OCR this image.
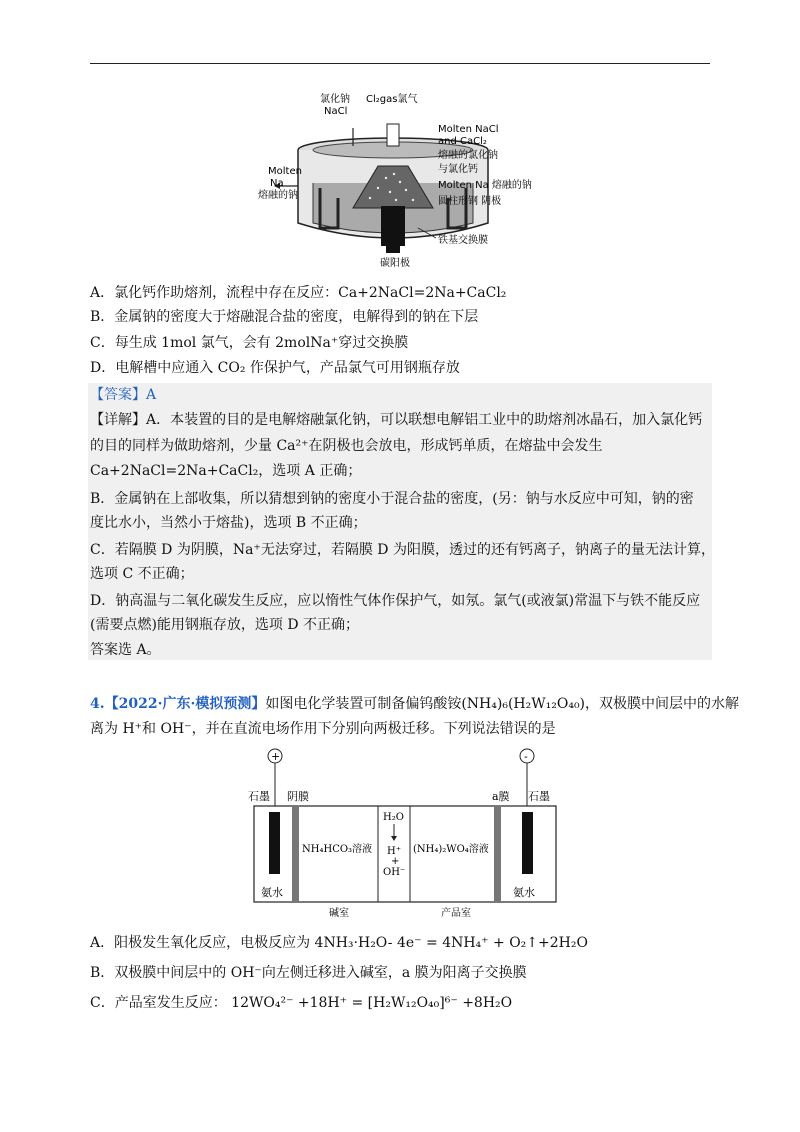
氯化钠
NaCl
Cl₂gas氯气
Molten
Na
熔融的钠
Molten NaCl
and CaCl₂
熔融的氯化钠
与氯化钙
Molten Na 熔融的钠
圆柱形钢 阴极
铁基交换膜
碳阳极
A．氯化钙作助熔剂，流程中存在反应：Ca+2NaCl=2Na+CaCl₂
B．金属钠的密度大于熔融混合盐的密度，电解得到的钠在下层
C．每生成 1mol 氯气，会有 2molNa⁺穿过交换膜
D．电解槽中应通入 CO₂ 作保护气，产品氯气可用钢瓶存放
【答案】A
【详解】A．本装置的目的是电解熔融氯化钠，可以联想电解铝工业中的助熔剂冰晶石，加入氯化钙
的目的同样为做助熔剂，少量 Ca²⁺在阴极也会放电，形成钙单质，在熔盐中会发生
Ca+2NaCl=2Na+CaCl₂，选项 A 正确；
B．金属钠在上部收集，所以猜想到钠的密度小于混合盐的密度，(另：钠与水反应中可知，钠的密
度比水小，当然小于熔盐)，选项 B 不正确；
C．若隔膜 D 为阴膜，Na⁺无法穿过，若隔膜 D 为阳膜，透过的还有钙离子，钠离子的量无法计算，
选项 C 不正确；
D．钠高温与二氧化碳发生反应，应以惰性气体作保护气，如氖。氯气(或液氯)常温下与铁不能反应
(需要点燃)能用钢瓶存放，选项 D 不正确；
答案选 A。
4.【2022·广东·模拟预测】如图电化学装置可制备偏钨酸铵(NH₄)₆(H₂W₁₂O₄₀)，双极膜中间层中的水解
离为 H⁺和 OH⁻，并在直流电场作用下分别向两极迁移。下列说法错误的是
+	-
石墨 阴膜	a膜 石墨
NH₄HCO₃溶液
H₂O
H⁺
+
OH⁻
(NH₄)₂WO₄溶液
氨水	氨水
碱室	产品室
A．阳极发生氧化反应，电极反应为 4NH₃·H₂O- 4e⁻ = 4NH₄⁺ + O₂↑+2H₂O
B．双极膜中间层中的 OH⁻向左侧迁移进入碱室，a 膜为阳离子交换膜
C．产品室发生反应： 12WO₄²⁻ +18H⁺ = [H₂W₁₂O₄₀]⁶⁻ +8H₂O
